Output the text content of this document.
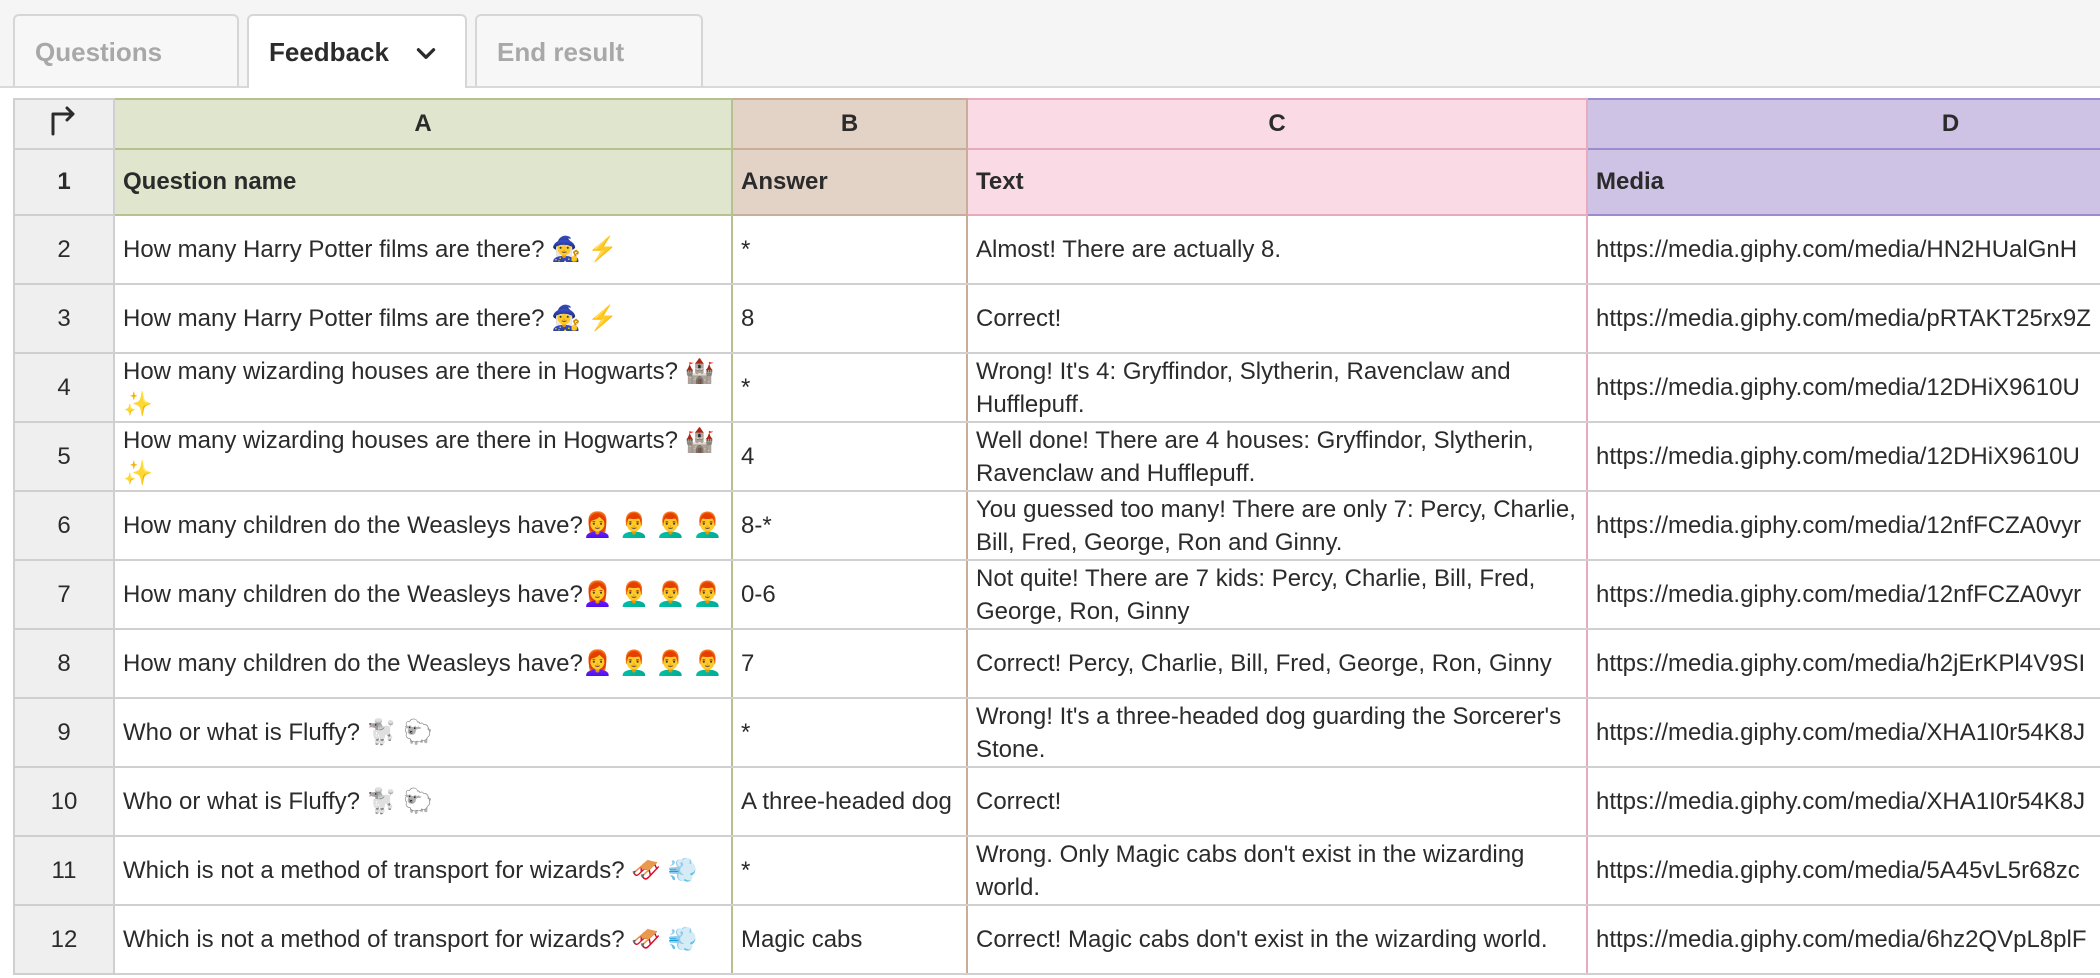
Questions	Feedback	End result
	A	B	C	D
1	Question name	Answer	Text	Media
2	How many Harry Potter films are there? 🧙‍♀️ ⚡	*	Almost! There are actually 8.	https://media.giphy.com/media/HN2HUalGnH
3	How many Harry Potter films are there? 🧙‍♀️ ⚡	8	Correct!	https://media.giphy.com/media/pRTAKT25rx9Z
4	How many wizarding houses are there in Hogwarts? 🏰 ✨	*	Wrong! It's 4: Gryffindor, Slytherin, Ravenclaw and Hufflepuff.	https://media.giphy.com/media/12DHiX9610U
5	How many wizarding houses are there in Hogwarts? 🏰 ✨	4	Well done! There are 4 houses: Gryffindor, Slytherin, Ravenclaw and Hufflepuff.	https://media.giphy.com/media/12DHiX9610U
6	How many children do the Weasleys have?👩‍🦰 👨‍🦰 👨‍🦰 👨‍🦰	8-*	You guessed too many! There are only 7: Percy, Charlie, Bill, Fred, George, Ron and Ginny.	https://media.giphy.com/media/12nfFCZA0vyr
7	How many children do the Weasleys have?👩‍🦰 👨‍🦰 👨‍🦰 👨‍🦰	0-6	Not quite! There are 7 kids: Percy, Charlie, Bill, Fred, George, Ron, Ginny	https://media.giphy.com/media/12nfFCZA0vyr
8	How many children do the Weasleys have?👩‍🦰 👨‍🦰 👨‍🦰 👨‍🦰	7	Correct! Percy, Charlie, Bill, Fred, George, Ron, Ginny	https://media.giphy.com/media/h2jErKPl4V9SI
9	Who or what is Fluffy? 🐩 🐑	*	Wrong! It's a three-headed dog guarding the Sorcerer's Stone.	https://media.giphy.com/media/XHA1I0r54K8J
10	Who or what is Fluffy? 🐩 🐑	A three-headed dog	Correct!	https://media.giphy.com/media/XHA1I0r54K8J
11	Which is not a method of transport for wizards? 🛷 💨	*	Wrong. Only Magic cabs don't exist in the wizarding world.	https://media.giphy.com/media/5A45vL5r68zc
12	Which is not a method of transport for wizards? 🛷 💨	Magic cabs	Correct! Magic cabs don't exist in the wizarding world.	https://media.giphy.com/media/6hz2QVpL8plF
